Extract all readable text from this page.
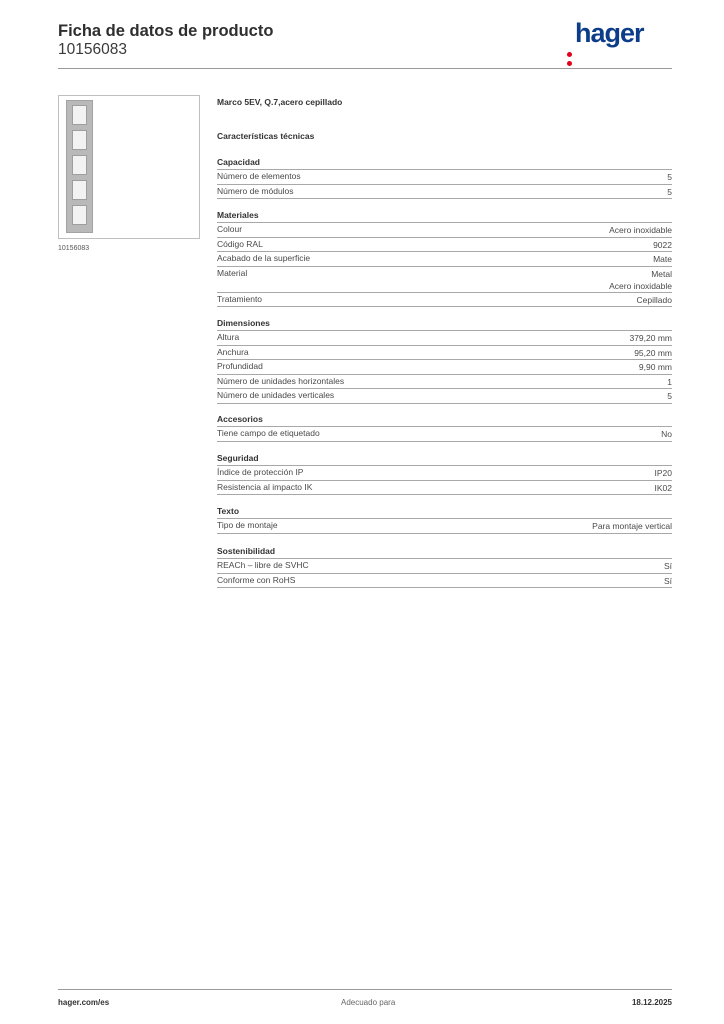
Ficha de datos de producto
10156083
hager
10156083
Marco 5EV, Q.7,acero cepillado
Características técnicas
Capacidad
Número de elementos	5
Número de módulos	5
Materiales
Colour	Acero inoxidable
Código RAL	9022
Acabado de la superficie	Mate
Material	Metal
Acero inoxidable
Tratamiento	Cepillado
Dimensiones
Altura	379,20 mm
Anchura	95,20 mm
Profundidad	9,90 mm
Número de unidades horizontales	1
Número de unidades verticales	5
Accesorios
Tiene campo de etiquetado	No
Seguridad
Índice de protección IP	IP20
Resistencia al impacto IK	IK02
Texto
Tipo de montaje	Para montaje vertical
Sostenibilidad
REACh – libre de SVHC	Sí
Conforme con RoHS	Sí
hager.com/es	Adecuado para	18.12.2025
